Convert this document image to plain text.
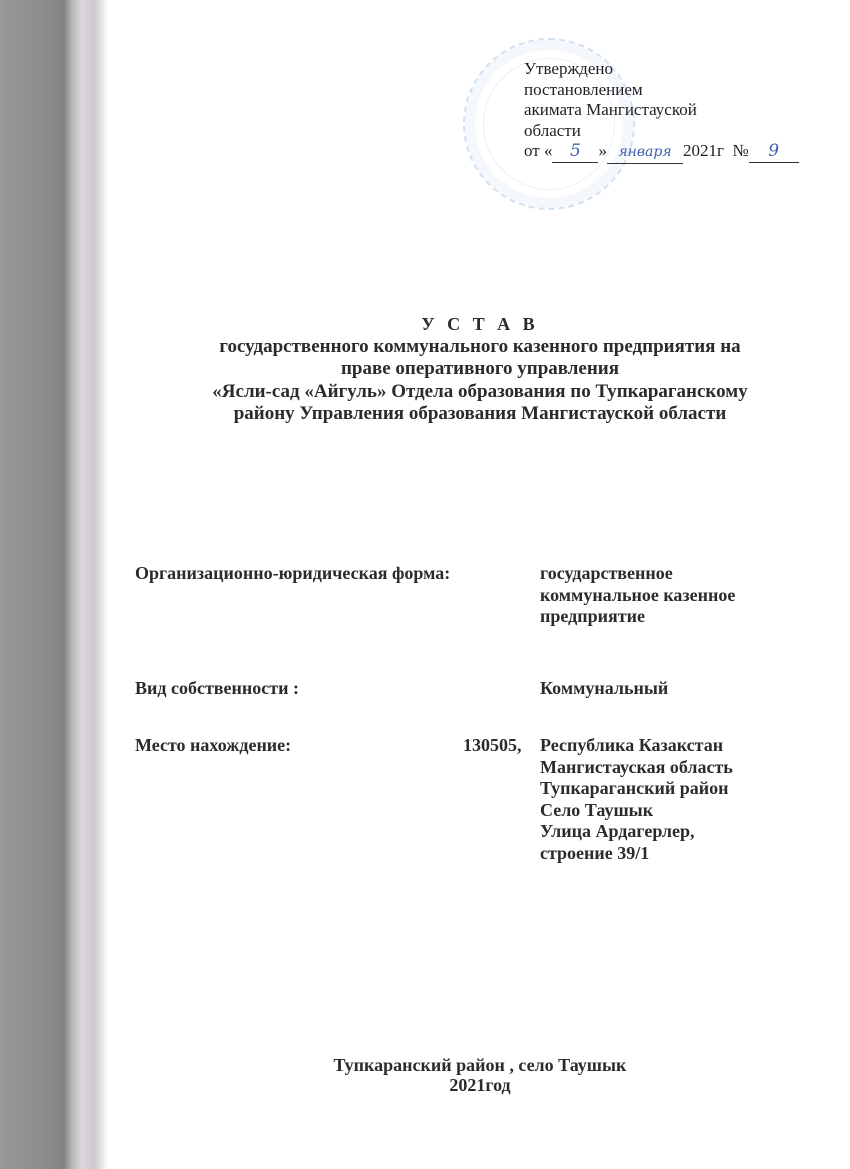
Утверждено
постановлением
акимата Мангистауской
области
от « 5 » января 2021г № 9
У С Т А В
государственного коммунального казенного предприятия на
праве оперативного управления
«Ясли-сад «Айгуль» Отдела образования по Тупкараганскому
району Управления образования Мангистауской области
Организационно-юридическая форма:	государственное
коммунальное казенное
предприятие
Вид собственности :	Коммунальный
Место нахождение:	130505, Республика Казакстан
Мангистауская область
Тупкараганский район
Село Таушык
Улица Ардагерлер,
строение 39/1
Тупкаранский район , село Таушык
2021год
